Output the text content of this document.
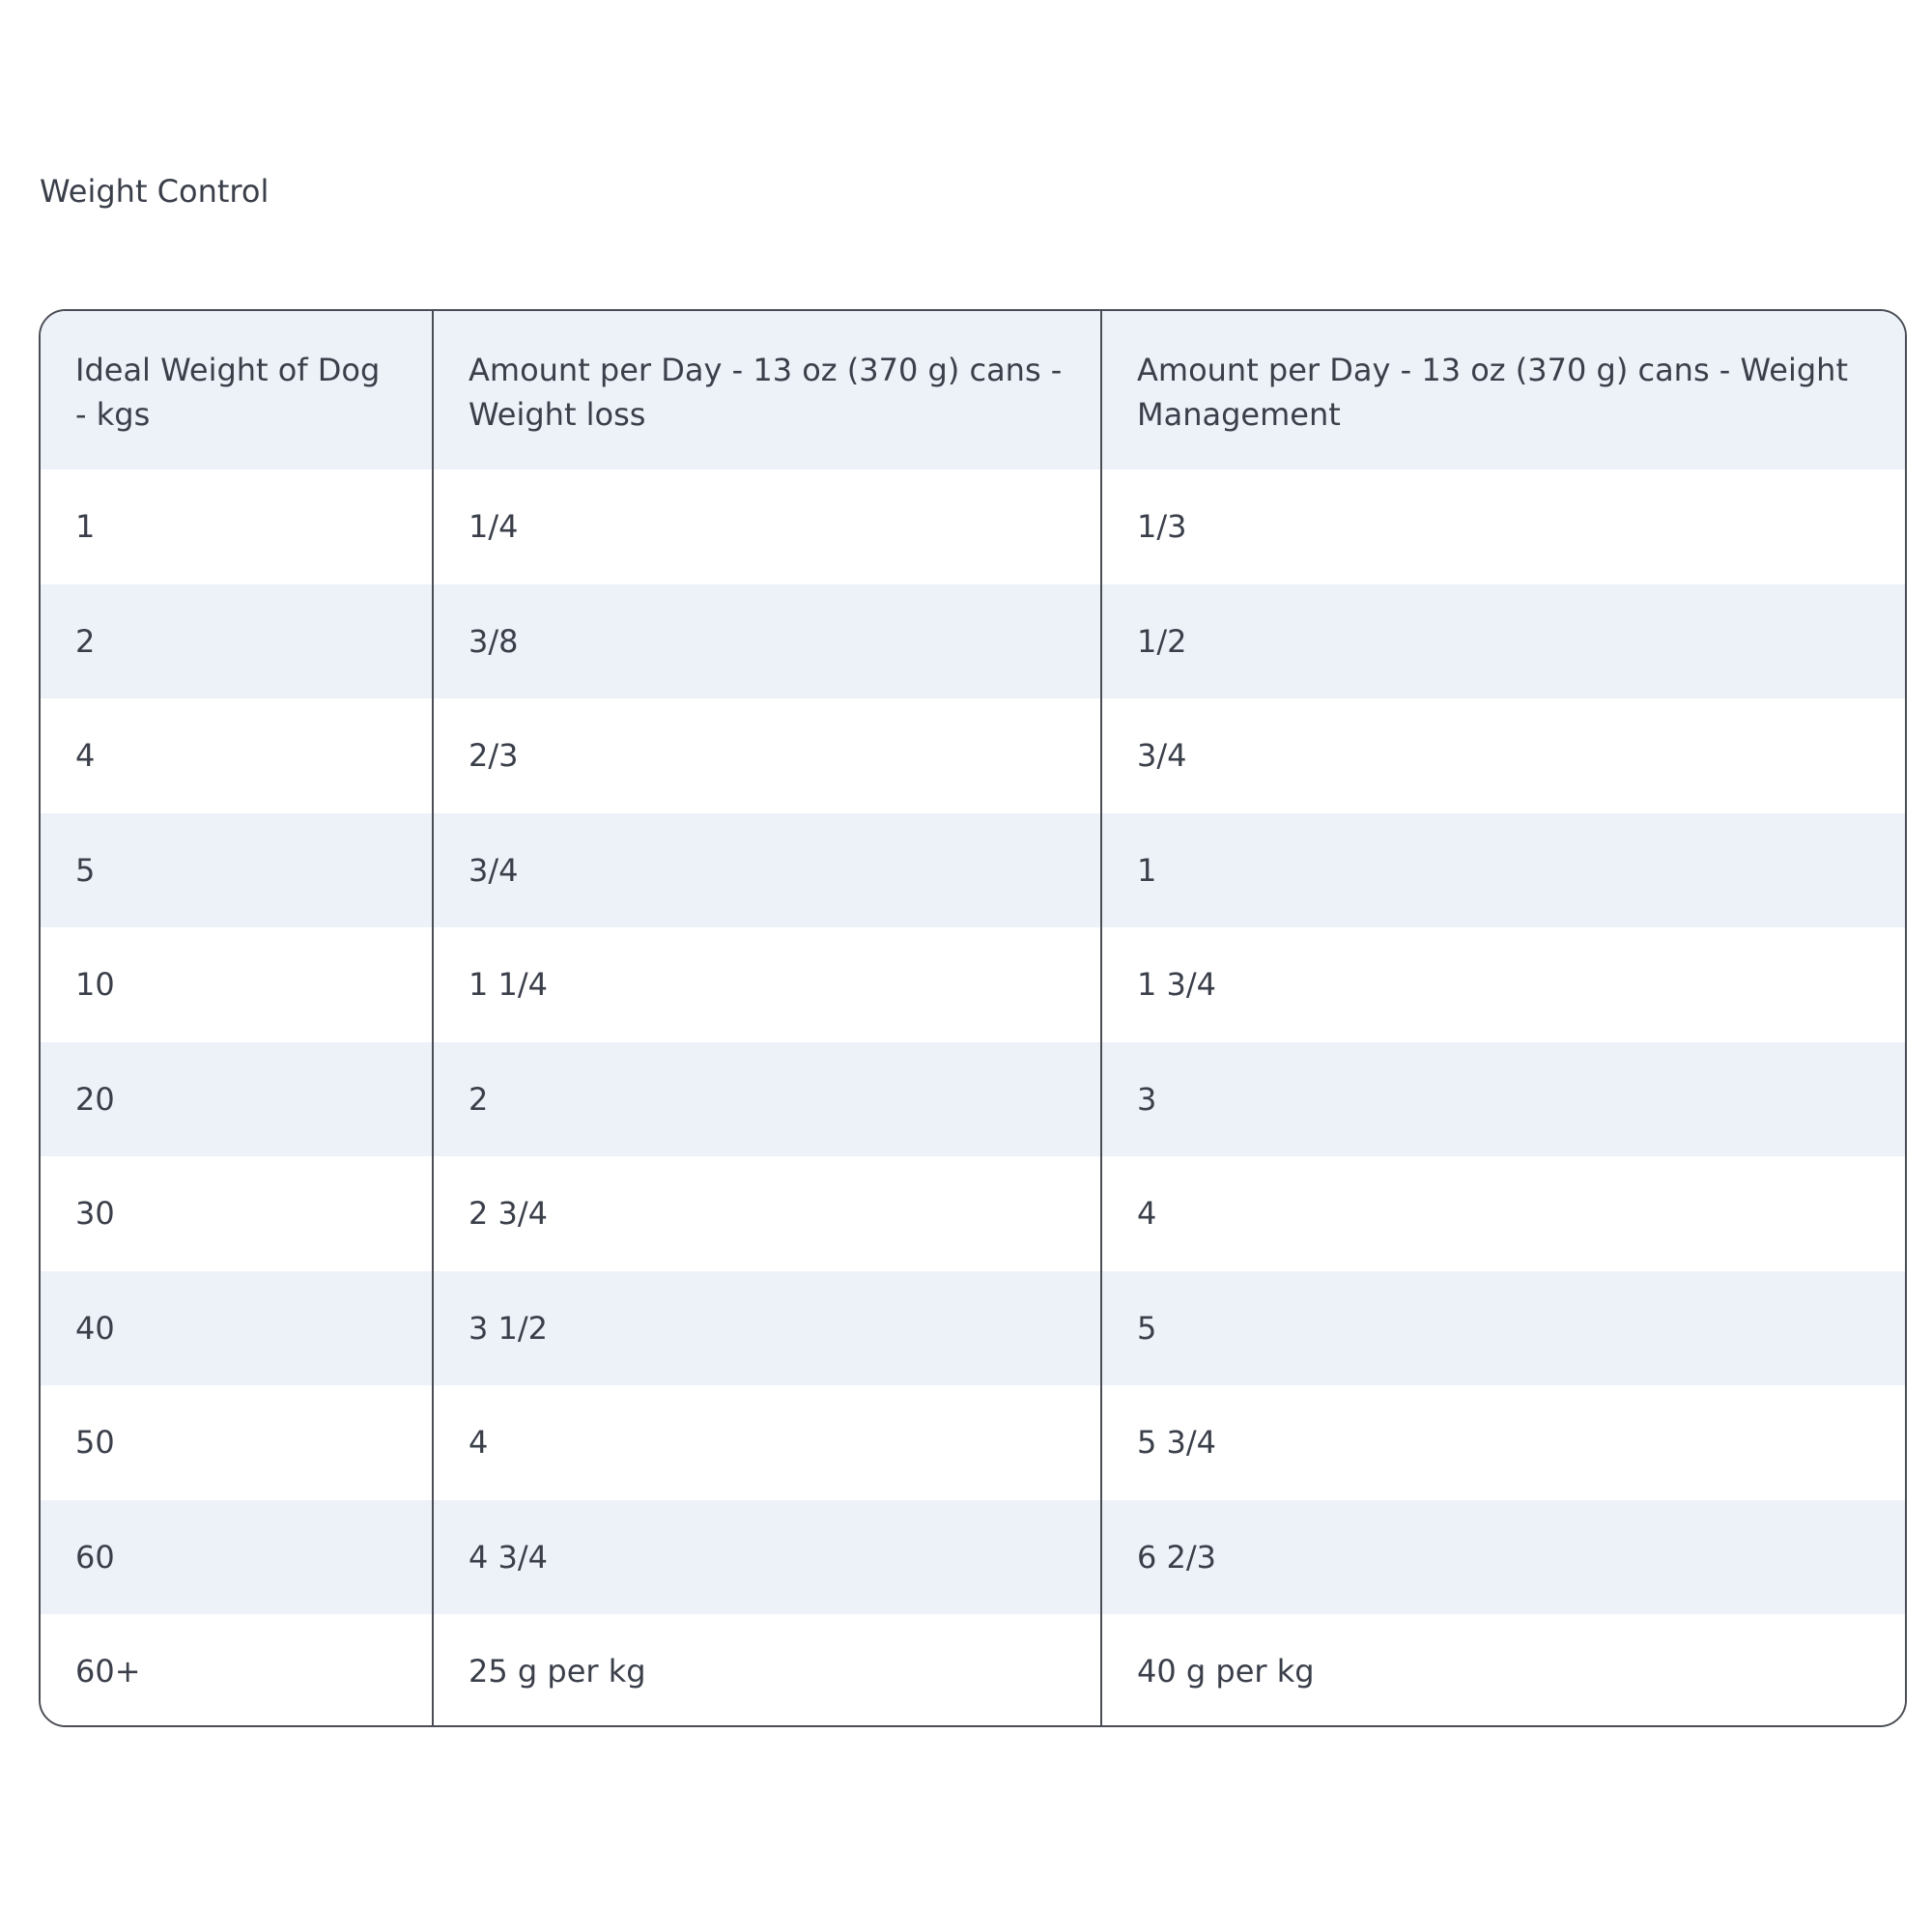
Weight Control
Ideal Weight of Dog - kgs	Amount per Day - 13 oz (370 g) cans - Weight loss	Amount per Day - 13 oz (370 g) cans - Weight Management
1	1/4	1/3
2	3/8	1/2
4	2/3	3/4
5	3/4	1
10	1 1/4	1 3/4
20	2	3
30	2 3/4	4
40	3 1/2	5
50	4	5 3/4
60	4 3/4	6 2/3
60+	25 g per kg	40 g per kg
